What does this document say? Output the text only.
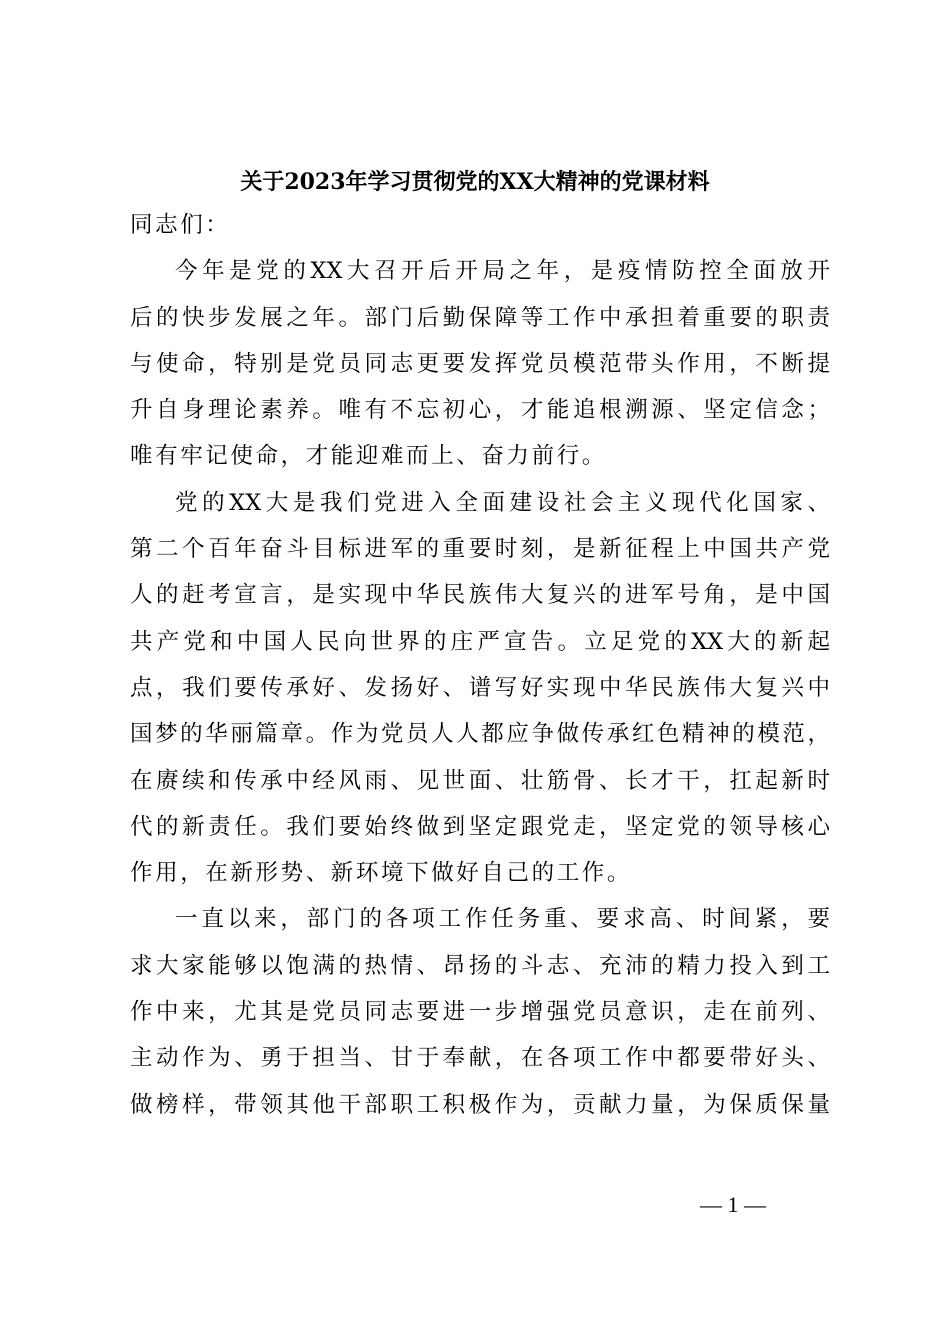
关于2023年学习贯彻党的XX大精神的党课材料
同志们：
今年是党的XX大召开后开局之年，是疫情防控全面放开
后的快步发展之年。部门后勤保障等工作中承担着重要的职责
与使命，特别是党员同志更要发挥党员模范带头作用，不断提
升自身理论素养。唯有不忘初心，才能追根溯源、坚定信念；
唯有牢记使命，才能迎难而上、奋力前行。
党的XX大是我们党进入全面建设社会主义现代化国家、
第二个百年奋斗目标进军的重要时刻，是新征程上中国共产党
人的赶考宣言，是实现中华民族伟大复兴的进军号角，是中国
共产党和中国人民向世界的庄严宣告。立足党的XX大的新起
点，我们要传承好、发扬好、谱写好实现中华民族伟大复兴中
国梦的华丽篇章。作为党员人人都应争做传承红色精神的模范，
在赓续和传承中经风雨、见世面、壮筋骨、长才干，扛起新时
代的新责任。我们要始终做到坚定跟党走，坚定党的领导核心
作用，在新形势、新环境下做好自己的工作。
一直以来，部门的各项工作任务重、要求高、时间紧，要
求大家能够以饱满的热情、昂扬的斗志、充沛的精力投入到工
作中来，尤其是党员同志要进一步增强党员意识，走在前列、
主动作为、勇于担当、甘于奉献，在各项工作中都要带好头、
做榜样，带领其他干部职工积极作为，贡献力量，为保质保量
— 1 —
